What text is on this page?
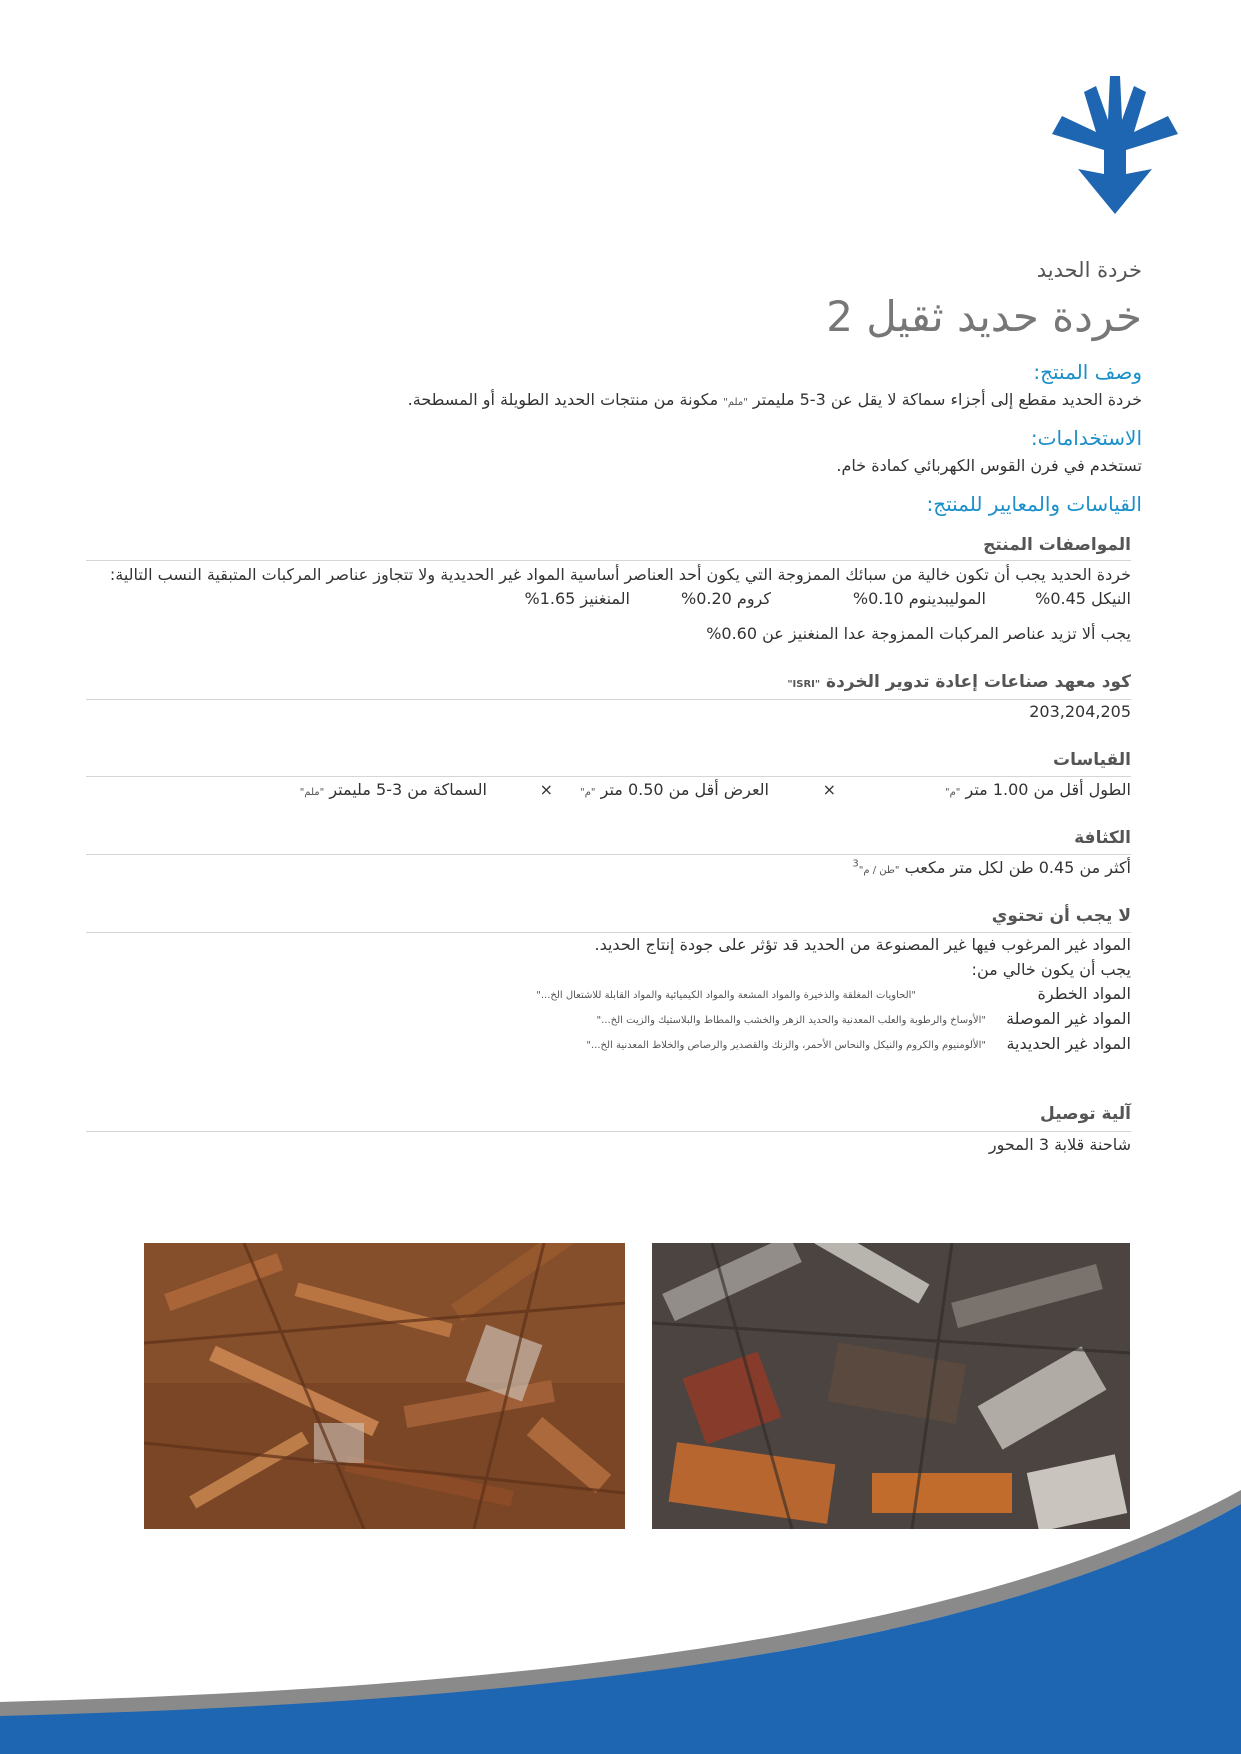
خردة الحديد
خردة حديد ثقيل 2
وصف المنتج:
خردة الحديد مقطع إلى أجزاء سماكة لا يقل عن 3-5 مليمتر "ملم" مكونة من منتجات الحديد الطويلة أو المسطحة.
الاستخدامات:
تستخدم في فرن القوس الكهربائي كمادة خام.
القياسات والمعايير للمنتج:
المواصفات المنتج
خردة الحديد يجب أن تكون خالية من سبائك الممزوجة التي يكون أحد العناصر أساسية المواد غير الحديدية ولا تتجاوز عناصر المركبات المتبقية النسب التالية:
النيكل 0.45%
الموليبدينوم 0.10%
كروم 0.20%
المنغنيز 1.65%
يجب ألا تزيد عناصر المركبات الممزوجة عدا المنغنيز عن 0.60%
كود معهد صناعات إعادة تدوير الخردة "ISRI"
203,204,205
القياسات
الطول أقل من 1.00 متر "م"
×
العرض أقل من 0.50 متر "م"
×
السماكة من 3-5 مليمتر "ملم"
الكثافة
أكثر من 0.45 طن لكل متر مكعب "طن / م"$^3$
لا يجب أن تحتوي
المواد غير المرغوب فيها غير المصنوعة من الحديد قد تؤثر على جودة إنتاج الحديد.
يجب أن يكون خالي من:
المواد الخطرة
"الحاويات المغلقة والذخيرة والمواد المشعة والمواد الكيميائية والمواد القابلة للاشتعال الخ..."
المواد غير الموصلة
"الأوساخ والرطوبة والعلب المعدنية والحديد الزهر والخشب والمطاط والبلاستيك والزيت الخ..."
المواد غير الحديدية
"الألومنيوم والكروم والنيكل والنحاس الأحمر، والزنك والقصدير والرصاص والخلاط المعدنية الخ..."
آلية توصيل
شاحنة قلابة 3 المحور
